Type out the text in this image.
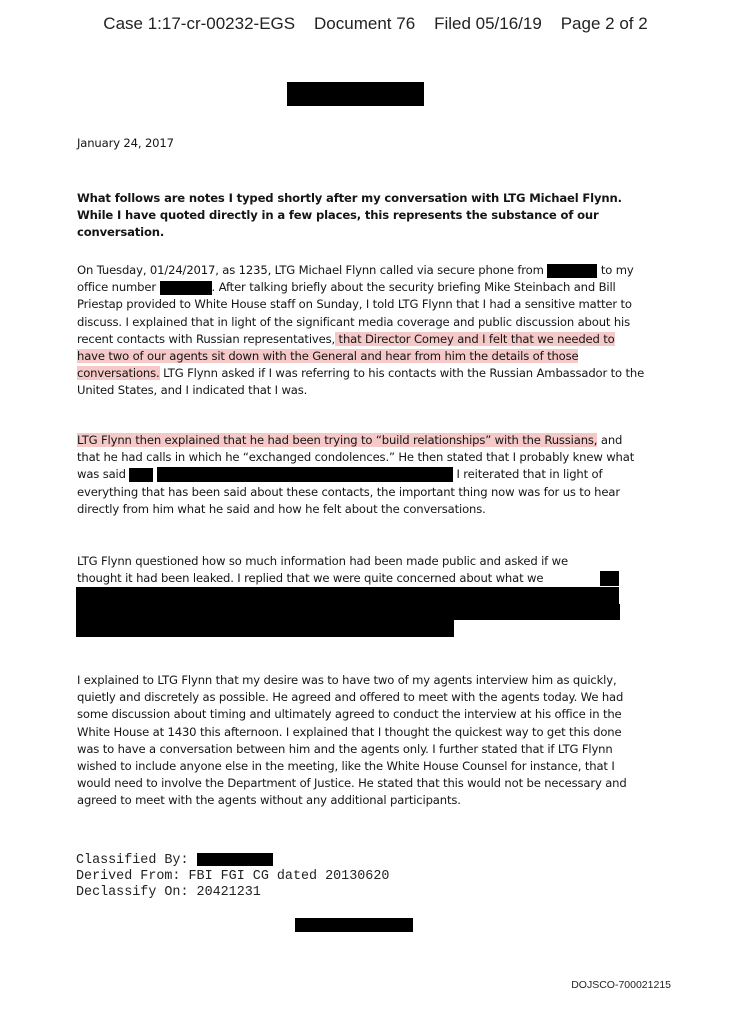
Case 1:17-cr-00232-EGS Document 76 Filed 05/16/19 Page 2 of 2
January 24, 2017
What follows are notes I typed shortly after my conversation with LTG Michael Flynn. While I have quoted directly in a few places, this represents the substance of our conversation.
On Tuesday, 01/24/2017, as 1235, LTG Michael Flynn called via secure phone from	to my office number	. After talking briefly about the security briefing Mike Steinbach and Bill Priestap provided to White House staff on Sunday, I told LTG Flynn that I had a sensitive matter to discuss. I explained that in light of the significant media coverage and public discussion about his recent contacts with Russian representatives, that Director Comey and I felt that we needed to have two of our agents sit down with the General and hear from him the details of those conversations. LTG Flynn asked if I was referring to his contacts with the Russian Ambassador to the United States, and I indicated that I was.
LTG Flynn then explained that he had been trying to “build relationships” with the Russians, and that he had calls in which he “exchanged condolences.” He then stated that I probably knew what was said	I reiterated that in light of everything that has been said about these contacts, the important thing now was for us to hear directly from him what he said and how he felt about the conversations.
LTG Flynn questioned how so much information had been made public and asked if we thought it had been leaked. I replied that we were quite concerned about what we
I explained to LTG Flynn that my desire was to have two of my agents interview him as quickly, quietly and discretely as possible. He agreed and offered to meet with the agents today. We had some discussion about timing and ultimately agreed to conduct the interview at his office in the White House at 1430 this afternoon. I explained that I thought the quickest way to get this done was to have a conversation between him and the agents only. I further stated that if LTG Flynn wished to include anyone else in the meeting, like the White House Counsel for instance, that I would need to involve the Department of Justice. He stated that this would not be necessary and agreed to meet with the agents without any additional participants.
Classified By:
Derived From: FBI FGI CG dated 20130620
Declassify On: 20421231
DOJSCO-700021215
